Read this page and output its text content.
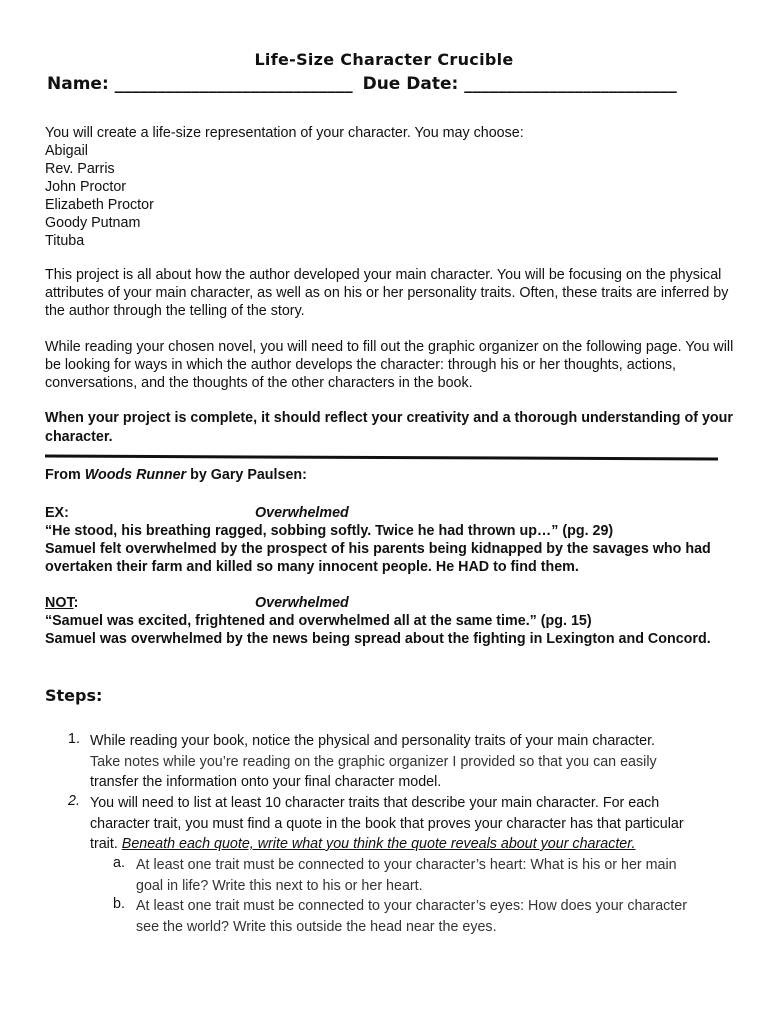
Life-Size Character Crucible
Name: ____________________________ Due Date: _________________________
You will create a life-size representation of your character. You may choose:
Abigail
Rev. Parris
John Proctor
Elizabeth Proctor
Goody Putnam
Tituba
This project is all about how the author developed your main character. You will be focusing on the physical attributes of your main character, as well as on his or her personality traits. Often, these traits are inferred by the author through the telling of the story.
While reading your chosen novel, you will need to fill out the graphic organizer on the following page. You will be looking for ways in which the author develops the character: through his or her thoughts, actions, conversations, and the thoughts of the other characters in the book.
When your project is complete, it should reflect your creativity and a thorough understanding of your character.
From Woods Runner by Gary Paulsen:
EX:	Overwhelmed
“He stood, his breathing ragged, sobbing softly. Twice he had thrown up…” (pg. 29)
Samuel felt overwhelmed by the prospect of his parents being kidnapped by the savages who had overtaken their farm and killed so many innocent people. He HAD to find them.
NOT:	Overwhelmed
“Samuel was excited, frightened and overwhelmed all at the same time.” (pg. 15)
Samuel was overwhelmed by the news being spread about the fighting in Lexington and Concord.
Steps:
1. While reading your book, notice the physical and personality traits of your main character.
Take notes while you’re reading on the graphic organizer I provided so that you can easily
transfer the information onto your final character model.
2. You will need to list at least 10 character traits that describe your main character. For each
character trait, you must find a quote in the book that proves your character has that particular
trait. Beneath each quote, write what you think the quote reveals about your character.
a. At least one trait must be connected to your character’s heart: What is his or her main
goal in life? Write this next to his or her heart.
b. At least one trait must be connected to your character’s eyes: How does your character
see the world? Write this outside the head near the eyes.
